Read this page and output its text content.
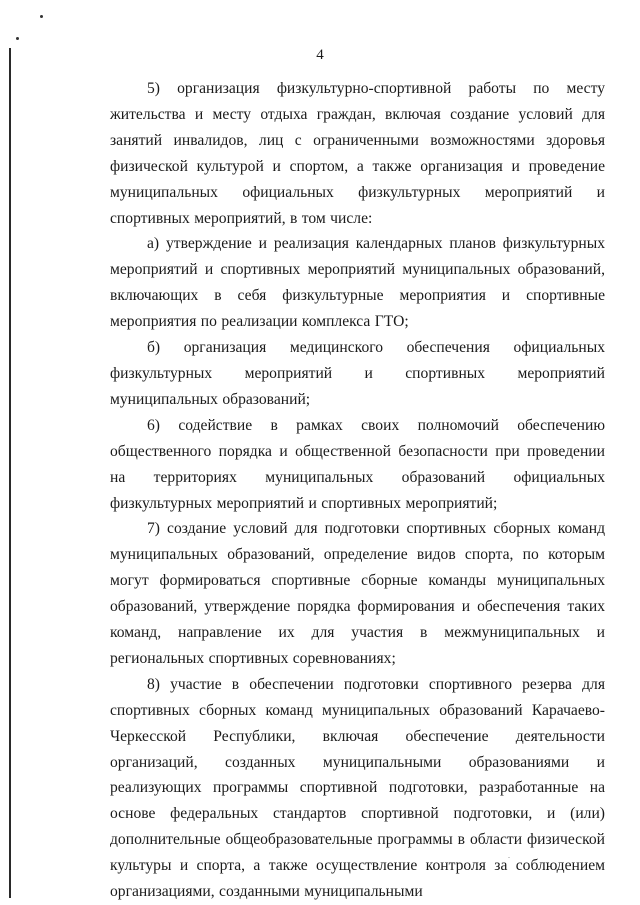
4

5) организация физкультурно-спортивной работы по месту жительства и месту отдыха граждан, включая создание условий для занятий инвалидов, лиц с ограниченными возможностями здоровья физической культурой и спортом, а также организация и проведение муниципальных официальных физкультурных мероприятий и спортивных мероприятий, в том числе:

а) утверждение и реализация календарных планов физкультурных мероприятий и спортивных мероприятий муниципальных образований, включающих в себя физкультурные мероприятия и спортивные мероприятия по реализации комплекса ГТО;

б) организация медицинского обеспечения официальных физкультурных мероприятий и спортивных мероприятий муниципальных образований;

6) содействие в рамках своих полномочий обеспечению общественного порядка и общественной безопасности при проведении на территориях муниципальных образований официальных физкультурных мероприятий и спортивных мероприятий;

7) создание условий для подготовки спортивных сборных команд муниципальных образований, определение видов спорта, по которым могут формироваться спортивные сборные команды муниципальных образований, утверждение порядка формирования и обеспечения таких команд, направление их для участия в межмуниципальных и региональных спортивных соревнованиях;

8) участие в обеспечении подготовки спортивного резерва для спортивных сборных команд муниципальных образований Карачаево-Черкесской Республики, включая обеспечение деятельности организаций, созданных муниципальными образованиями и реализующих программы спортивной подготовки, разработанные на основе федеральных стандартов спортивной подготовки, и (или) дополнительные общеобразовательные программы в области физической культуры и спорта, а также осуществление контроля за соблюдением организациями, созданными муниципальными
